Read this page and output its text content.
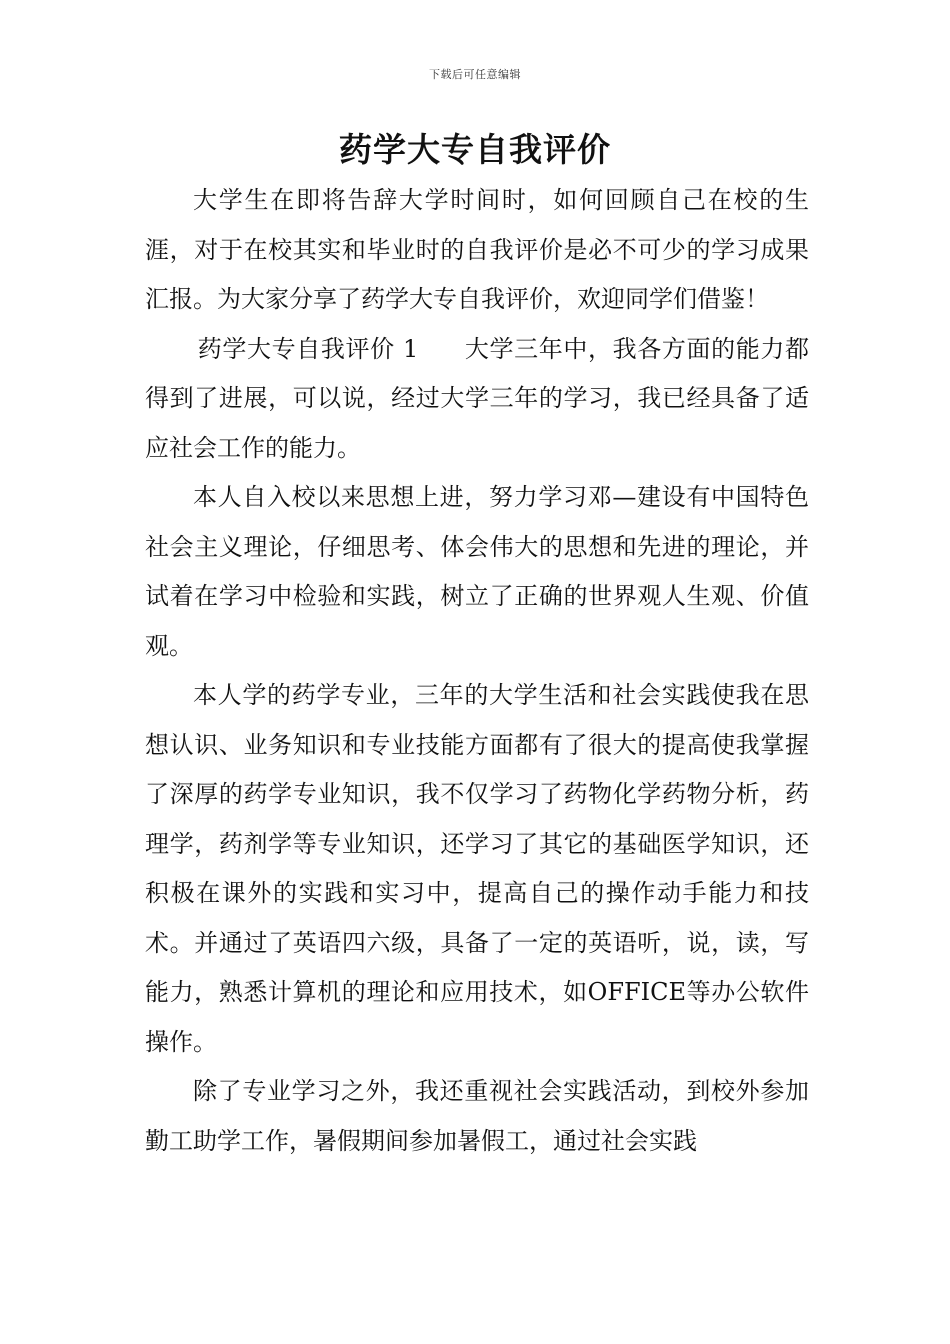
下载后可任意编辑
药学大专自我评价

大学生在即将告辞大学时间时，如何回顾自己在校的生涯，对于在校其实和毕业时的自我评价是必不可少的学习成果汇报。为大家分享了药学大专自我评价，欢迎同学们借鉴！

药学大专自我评价 1 大学三年中，我各方面的能力都得到了进展，可以说，经过大学三年的学习，我已经具备了适应社会工作的能力。

本人自入校以来思想上进，努力学习邓—建设有中国特色社会主义理论，仔细思考、体会伟大的思想和先进的理论，并试着在学习中检验和实践，树立了正确的世界观人生观、价值观。

本人学的药学专业，三年的大学生活和社会实践使我在思想认识、业务知识和专业技能方面都有了很大的提高使我掌握了深厚的药学专业知识，我不仅学习了药物化学药物分析，药理学，药剂学等专业知识，还学习了其它的基础医学知识，还积极在课外的实践和实习中，提高自己的操作动手能力和技术。并通过了英语四六级，具备了一定的英语听，说，读，写能力，熟悉计算机的理论和应用技术，如OFFICE等办公软件操作。

除了专业学习之外，我还重视社会实践活动，到校外参加勤工助学工作，暑假期间参加暑假工，通过社会实践
